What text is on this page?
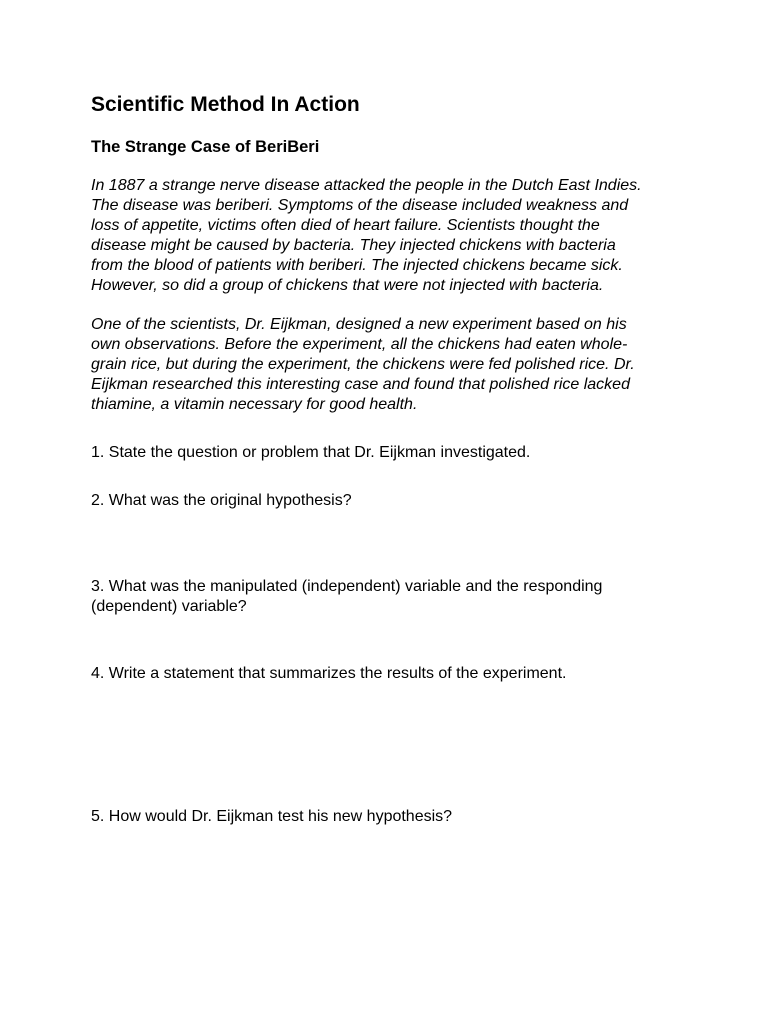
Scientific Method In Action
The Strange Case of BeriBeri

In 1887 a strange nerve disease attacked the people in the Dutch East Indies.
The disease was beriberi. Symptoms of the disease included weakness and
loss of appetite, victims often died of heart failure. Scientists thought the
disease might be caused by bacteria. They injected chickens with bacteria
from the blood of patients with beriberi. The injected chickens became sick.
However, so did a group of chickens that were not injected with bacteria.

One of the scientists, Dr. Eijkman, designed a new experiment based on his
own observations. Before the experiment, all the chickens had eaten whole-
grain rice, but during the experiment, the chickens were fed polished rice. Dr.
Eijkman researched this interesting case and found that polished rice lacked
thiamine, a vitamin necessary for good health.

1. State the question or problem that Dr. Eijkman investigated.

2. What was the original hypothesis?

3. What was the manipulated (independent) variable and the responding
(dependent) variable?

4. Write a statement that summarizes the results of the experiment.

5. How would Dr. Eijkman test his new hypothesis?
